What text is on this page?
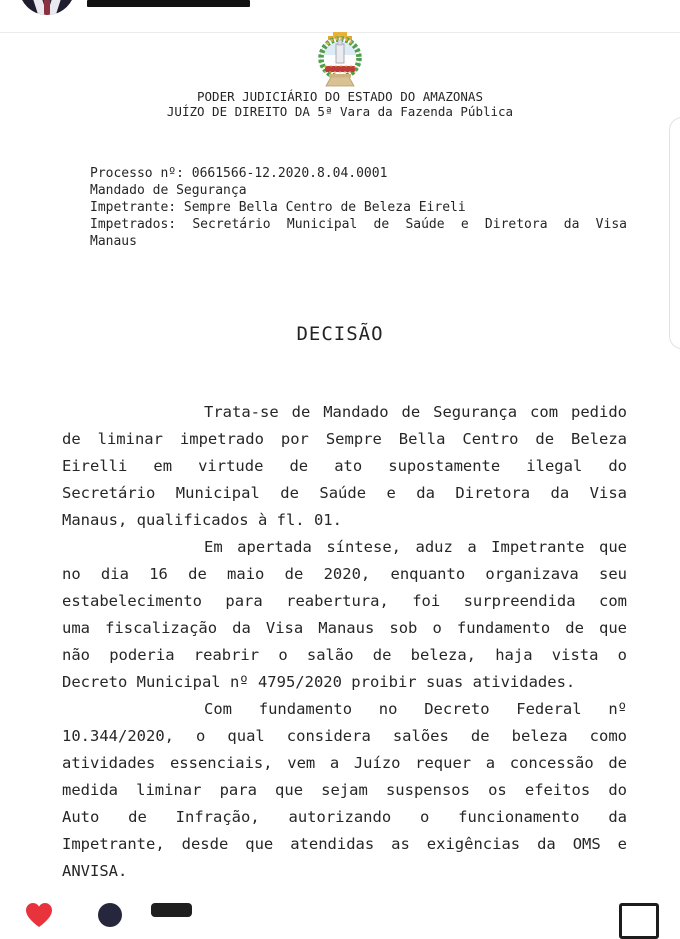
PODER JUDICIÁRIO DO ESTADO DO AMAZONAS
JUÍZO DE DIREITO DA 5ª Vara da Fazenda Pública
Processo nº: 0661566-12.2020.8.04.0001
Mandado de Segurança
Impetrante: Sempre Bella Centro de Beleza Eireli
Impetrados: Secretário Municipal de Saúde e Diretora da Visa
Manaus
DECISÃO

Trata-se de Mandado de Segurança com pedido
de liminar impetrado por Sempre Bella Centro de Beleza
Eirelli em virtude de ato supostamente ilegal do
Secretário Municipal de Saúde e da Diretora da Visa
Manaus, qualificados à fl. 01.

Em apertada síntese, aduz a Impetrante que
no dia 16 de maio de 2020, enquanto organizava seu
estabelecimento para reabertura, foi surpreendida com
uma fiscalização da Visa Manaus sob o fundamento de que
não poderia reabrir o salão de beleza, haja vista o
Decreto Municipal nº 4795/2020 proibir suas atividades.

Com fundamento no Decreto Federal nº
10.344/2020, o qual considera salões de beleza como
atividades essenciais, vem a Juízo requer a concessão de
medida liminar para que sejam suspensos os efeitos do
Auto de Infração, autorizando o funcionamento da
Impetrante, desde que atendidas as exigências da OMS e
ANVISA.
